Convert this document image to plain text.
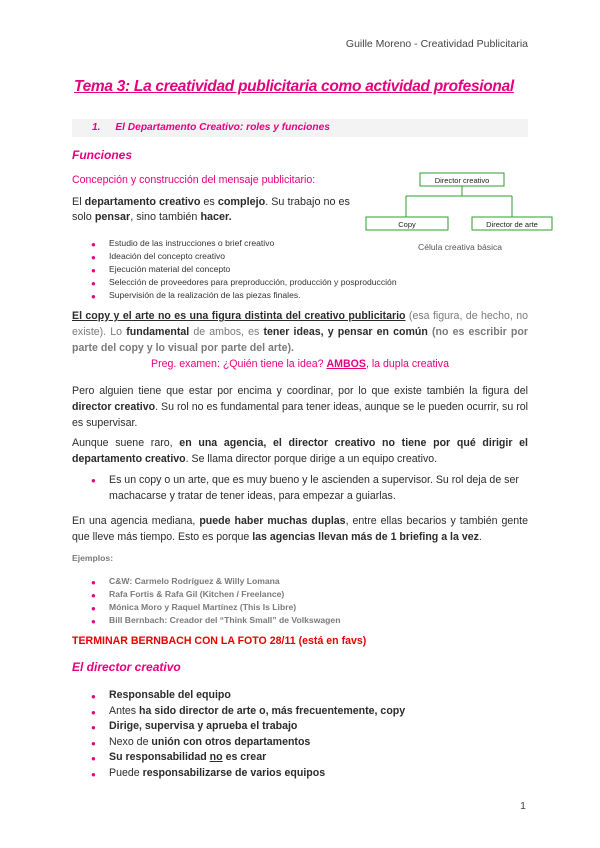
Guille Moreno - Creatividad Publicitaria
Tema 3: La creatividad publicitaria como actividad profesional
1. El Departamento Creativo: roles y funciones
Funciones
Concepción y construcción del mensaje publicitario:
El departamento creativo es complejo. Su trabajo no es solo pensar, sino también hacer.
Director creativo
Copy	Director de arte
Célula creativa básica
● Estudio de las instrucciones o brief creativo
● Ideación del concepto creativo
● Ejecución material del concepto
● Selección de proveedores para preproducción, producción y posproducción
● Supervisión de la realización de las piezas finales.
El copy y el arte no es una figura distinta del creativo publicitario (esa figura, de hecho, no existe). Lo fundamental de ambos, es tener ideas, y pensar en común (no es escribir por parte del copy y lo visual por parte del arte).
Preg. examen: ¿Quién tiene la idea? AMBOS, la dupla creativa
Pero alguien tiene que estar por encima y coordinar, por lo que existe también la figura del director creativo. Su rol no es fundamental para tener ideas, aunque se le pueden ocurrir, su rol es supervisar.
Aunque suene raro, en una agencia, el director creativo no tiene por qué dirigir el departamento creativo. Se llama director porque dirige a un equipo creativo.
● Es un copy o un arte, que es muy bueno y le ascienden a supervisor. Su rol deja de ser machacarse y tratar de tener ideas, para empezar a guiarlas.
En una agencia mediana, puede haber muchas duplas, entre ellas becarios y también gente que lleve más tiempo. Esto es porque las agencias llevan más de 1 briefing a la vez.
Ejemplos:
● C&W: Carmelo Rodríguez & Willy Lomana
● Rafa Fortis & Rafa Gil (Kitchen / Freelance)
● Mónica Moro y Raquel Martínez (This Is Libre)
● Bill Bernbach: Creador del “Think Small” de Volkswagen
TERMINAR BERNBACH CON LA FOTO 28/11 (está en favs)
El director creativo
● Responsable del equipo
● Antes ha sido director de arte o, más frecuentemente, copy
● Dirige, supervisa y aprueba el trabajo
● Nexo de unión con otros departamentos
● Su responsabilidad no es crear
● Puede responsabilizarse de varios equipos
1
